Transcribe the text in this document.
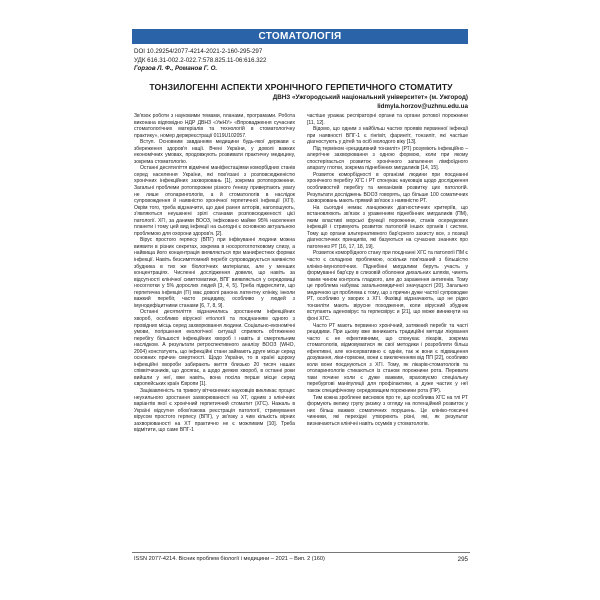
СТОМАТОЛОГІЯ
DOI 10.29254/2077-4214-2021-2-160-295-297
УДК 616.31-002.2-022.7:578.825.11-06:616.322
Горзов Л. Ф., Романов Г. О.
ТОНЗИЛОГЕННІ АСПЕКТИ ХРОНІЧНОГО ГЕРПЕТИЧНОГО СТОМАТИТУ
ДВНЗ «Ужгородський національний університет» (м. Ужгород)
lidmyla.horzov@uzhnu.edu.ua

Зв'язок роботи з науковими темами, планами, програмами. Робота виконана відповідно НДР ДВНЗ «УжНУ» «Впровадження сучасних стоматологічних матеріалів та технологій в стоматологічну практику», номер держреєстрації 0119U102057.

Вступ. Основним завданням медицини будь-якої держави є збереження здоров'я нації. Вчені України, у доволі важких економічних умовах, продовжують розвивати практичну медицину, зокрема стоматологію.

Останні десятиліття відмічені маніфестаціями коморбідних станів серед населення України, які пов'язані з розповсюдженістю хронічних інфекційних захворювань [1], зокрема ротопорожнини. Загальні проблеми ротопорожни різного ґенезу привертають увагу не лише отоларингологів, а й стоматологів в наслідок супровождення й наявністю хронічної герпетичної інфекції (ХГІ). Окрім того, треба відзначити, що дані рання алторів, наголошують, з'являються неушкнені зрілі станами розповсюдженості цієї патології. ХГІ, за даними ВООЗ, інфіковано майже 95% населення планети і тому цей вид інфекції на сьогодні є основною актуальною проблемою для охорони здоров'я. [2].

Вірус простого герпесу (ВПГ) при інфікуванні людини можна виявити в різних секретах, зокрема в носоротоглотковому слизу, а найвища його концентрація виявляється при манифестних формах інфекції. Навіть безсимптомний перебіг супроводжується наявністю збудника в тих же біологічних матеріалах, але у менших концентраціях. Численні дослідження довели, що навіть за відсутності клінічної симптоматики, ВПГ виявляється у середовищі носоглотки у 5% дорослих людей [3, 4, 5]. Треба підкреслити, що герпетична інфекція (ГІ) має доволі ранона латентну клініку, інколи важкий перебіг, часто рецидиву, особливо у людей з імунодефіцитними станами [6, 7, 8, 9].

Останні десятиліття відзначились зростанням інфекційних хвороб, особливо вірусної етіології та поєднанням одного з провідних місць серед захворювання людини. Соціально-економічні умови, погіршення екологічної ситуації сприяють обтяженню перебігу більшості інфекційних хвороб і навіть зі смертельним наслідком. А результати ретроспективного аналізу ВООЗ (WHO, 2004) констатують, що інфекційні стани займають друге місце серед основних причин смертності. Щодо України, то в країні щороку інфекційні хвороби забирають життя близько 20 тисяч наших співвітчизників, що досягає, а щодо деяких хвороб, в останні роки вийшли у неї, вже навіть, вона посіла перше місце серед європейських країн Європи [1].

Зацікавленість та тривогу вітчизняних науковців викликає процес неухильного зростання захворюваності на ХТ, одним з клінічних варіантів якої є хронічний герпетичний стоматит (ХГС). Нажаль в Україні відсутня обов'язкова реєстрація патології, стримування вірусом простого герпесу (ВПГ), у зв'язку з чим кількість вірних захворюваності на ХТ практично не є можливим [10]. Треба відмітити, що саме ВПГ-1

частіше уражає респіраторні органи та органи ротової порожнини [11, 12].

Відомо, що одним з найбільш частих проявів первинної інфекції при наявності ВПГ-1 є гінгівіт, фарингіт, тонзиліт, які частіше діагностують у дітей та осіб молодого віку [13].

Під терміном «рецидивний тонзиліт» (РТ) розуміють інфекційно – алергічне захворювання з одною формою, коли при якому спостерігається розвиток хронічного запалення лімфоїдного апарату глотки, зокрема піднебінних мигдаликів [14, 15].

Розвиток коморбідності в організмі людини при поєднанні хронічного перебігу ХГС і РТ спонукає науковців щодо дослідження особливостей перебігу та механізмів розвитку цих патологій. Результати досліджень ВООЗ говорять, що більше 100 соматичних захворювань мають прямий зв'язок з наявністю РТ.

На сьогодні немає ланцюжних діагностичних критеріїв, що встановлюють зв'язок з ураженням піднебінних мигдаликів (ПМ), яким властиві морські функції порожнини, станів осередкових інфекцій і стримують розвиток патологій інших органів і систем. Тому що органи альтернативного бар'єрного захисту все, з позиції діагностичних принципів, які базуються на сучасних знаннях про патогенез РТ [16, 17, 18, 19].

Розвиток коморбідного стану при поєднанні ХГС та патології ПМ є часто є складною проблемою, оскільки пов'язаний з більшістю клініко-імунологічних. Піднебінні мигдалики беруть участь у формуванні бар'єру в слизовій оболонки дихальних шляхів, чинять таким чином контроль гладкого, але до зараження антигенів. Тому це проблема набуває загальномедичної значущості [20]. Загально медичною ця проблема є тому, що з причин дуже частої супроводже РТ, особливо у хворих з ХГІ. Фахівці відзначають, що не рідко тонзиліти мають вірусне походження, коли вірусний збудник вступають аденовірус та герпесвірус и [21], що може виникнути на фоні ХГС.

Часто РТ мають первинно хронічний, затяжний перебіг та часті рецидиви. При цьому вже виникають традиційні методи лікування часто є не ефективними, що спонукає лікарів, зокрема стоматологів, відмовуватися як свої методики і розробляти більш ефективні, але консервативно є однім, так ж вони є підвищення дозування, ліки-гормони, вони є виключенням від ПП [22], особливо коли вони поєднуються з ХГІ. Тому, як лікарів-стоматологів та отоларингологів стикаються із станом порожнини рота. Перевати таки почине коли є дуже важким, враховуємо спеціальну перебургові маніпуляції для профілактики, а дуже частих у неї також специфічному середовищем порожнини рота (ПР).

Тим кожна зроблене висновок про те, що особлива ХГС на тлі РТ формують велику групу ризику з огляду на потенційний розвиток у них більш важких соматичних порушень. Це клініко-токсичні чинники, які перехідні утворюють різні, які, як результат визначаються клінічні навіть осумків у стоматологів.

ISSN 2077-4214. Вісник проблем біології і медицини – 2021 – Вип. 2 (160)	295
